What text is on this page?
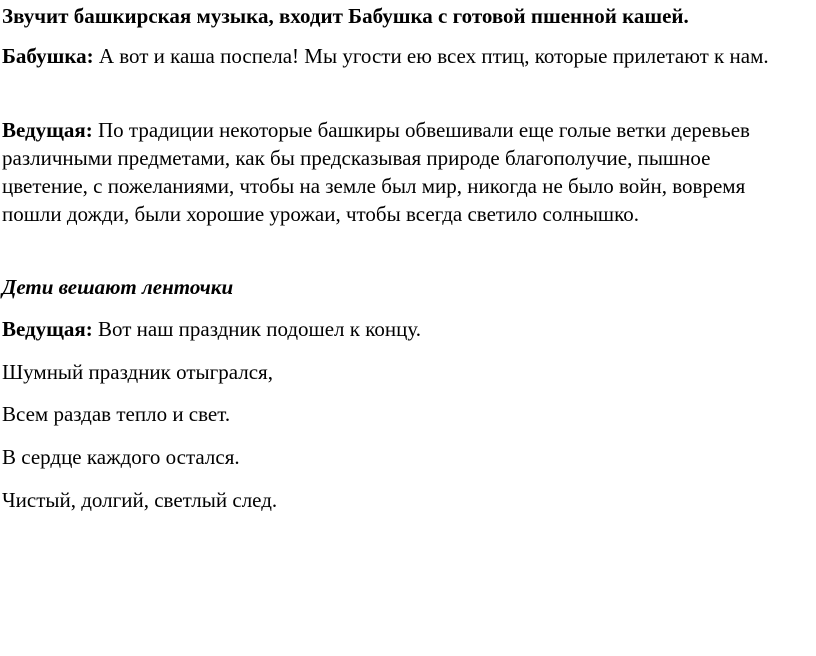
Звучит башкирская музыка, входит Бабушка с готовой пшенной кашей.

Бабушка: А вот и каша поспела! Мы угости ею всех птиц, которые прилетают к нам.

Ведущая: По традиции некоторые башкиры обвешивали еще голые ветки деревьев различными предметами, как бы предсказывая природе благополучие, пышное цветение, с пожеланиями, чтобы на земле был мир, никогда не было войн, вовремя пошли дожди, были хорошие урожаи, чтобы всегда светило солнышко.

Дети вешают ленточки

Ведущая: Вот наш праздник подошел к концу.

Шумный праздник отыгрался,

Всем раздав тепло и свет.

В сердце каждого остался.

Чистый, долгий, светлый след.
